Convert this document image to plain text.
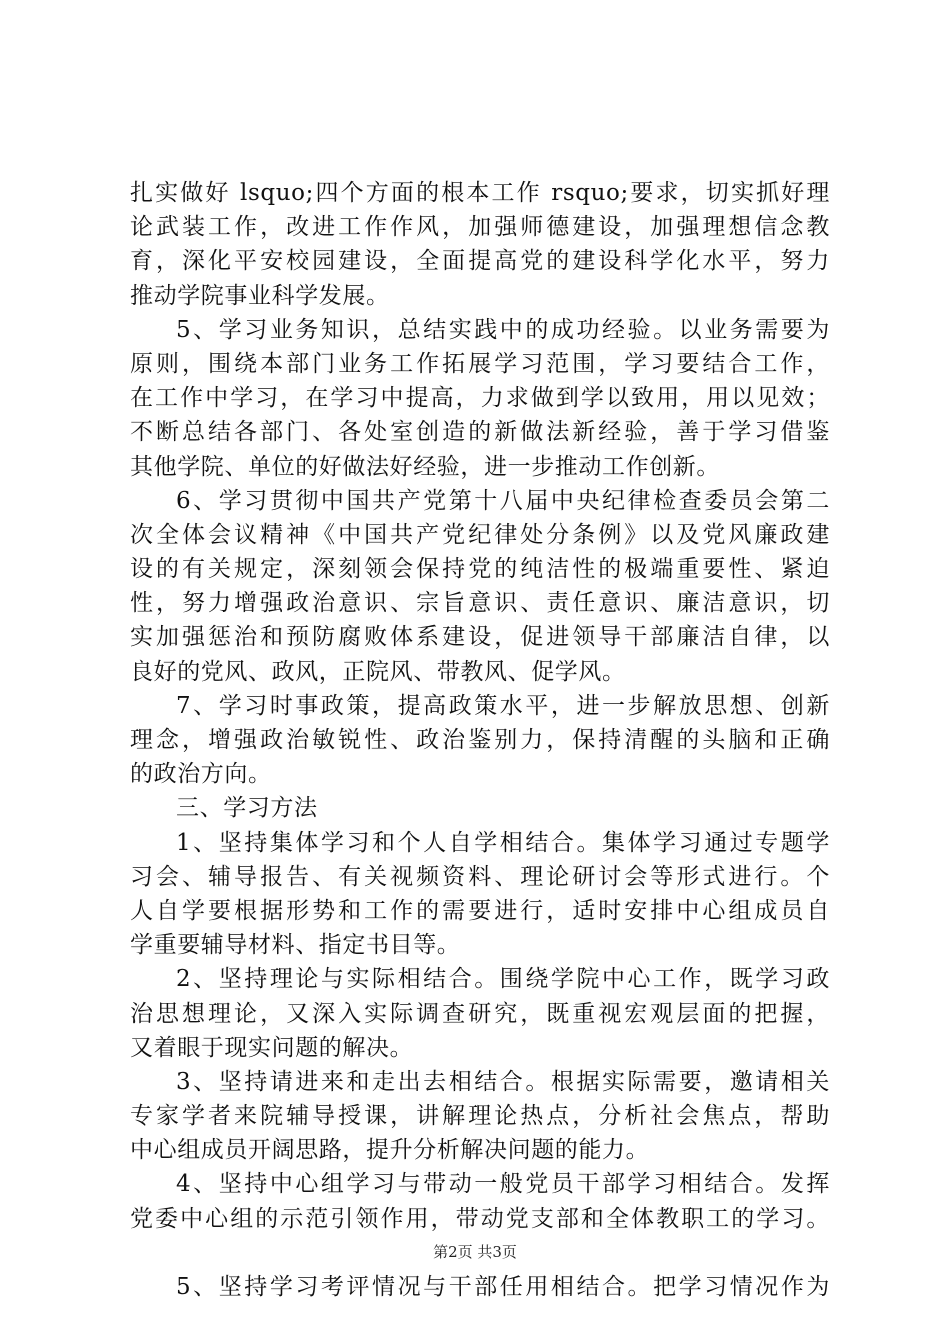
扎实做好 lsquo;四个方面的根本工作 rsquo;要求，切实抓好理
论武装工作，改进工作作风，加强师德建设，加强理想信念教
育，深化平安校园建设，全面提高党的建设科学化水平，努力
推动学院事业科学发展。
5、学习业务知识，总结实践中的成功经验。以业务需要为
原则，围绕本部门业务工作拓展学习范围，学习要结合工作，
在工作中学习，在学习中提高，力求做到学以致用，用以见效；
不断总结各部门、各处室创造的新做法新经验，善于学习借鉴
其他学院、单位的好做法好经验，进一步推动工作创新。
6、学习贯彻中国共产党第十八届中央纪律检查委员会第二
次全体会议精神《中国共产党纪律处分条例》以及党风廉政建
设的有关规定，深刻领会保持党的纯洁性的极端重要性、紧迫
性，努力增强政治意识、宗旨意识、责任意识、廉洁意识，切
实加强惩治和预防腐败体系建设，促进领导干部廉洁自律，以
良好的党风、政风，正院风、带教风、促学风。
7、学习时事政策，提高政策水平，进一步解放思想、创新
理念，增强政治敏锐性、政治鉴别力，保持清醒的头脑和正确
的政治方向。
三、学习方法
1、坚持集体学习和个人自学相结合。集体学习通过专题学
习会、辅导报告、有关视频资料、理论研讨会等形式进行。个
人自学要根据形势和工作的需要进行，适时安排中心组成员自
学重要辅导材料、指定书目等。
2、坚持理论与实际相结合。围绕学院中心工作，既学习政
治思想理论，又深入实际调查研究，既重视宏观层面的把握，
又着眼于现实问题的解决。
3、坚持请进来和走出去相结合。根据实际需要，邀请相关
专家学者来院辅导授课，讲解理论热点，分析社会焦点，帮助
中心组成员开阔思路，提升分析解决问题的能力。
4、坚持中心组学习与带动一般党员干部学习相结合。发挥
党委中心组的示范引领作用，带动党支部和全体教职工的学习。
5、坚持学习考评情况与干部任用相结合。把学习情况作为
第2页 共3页
